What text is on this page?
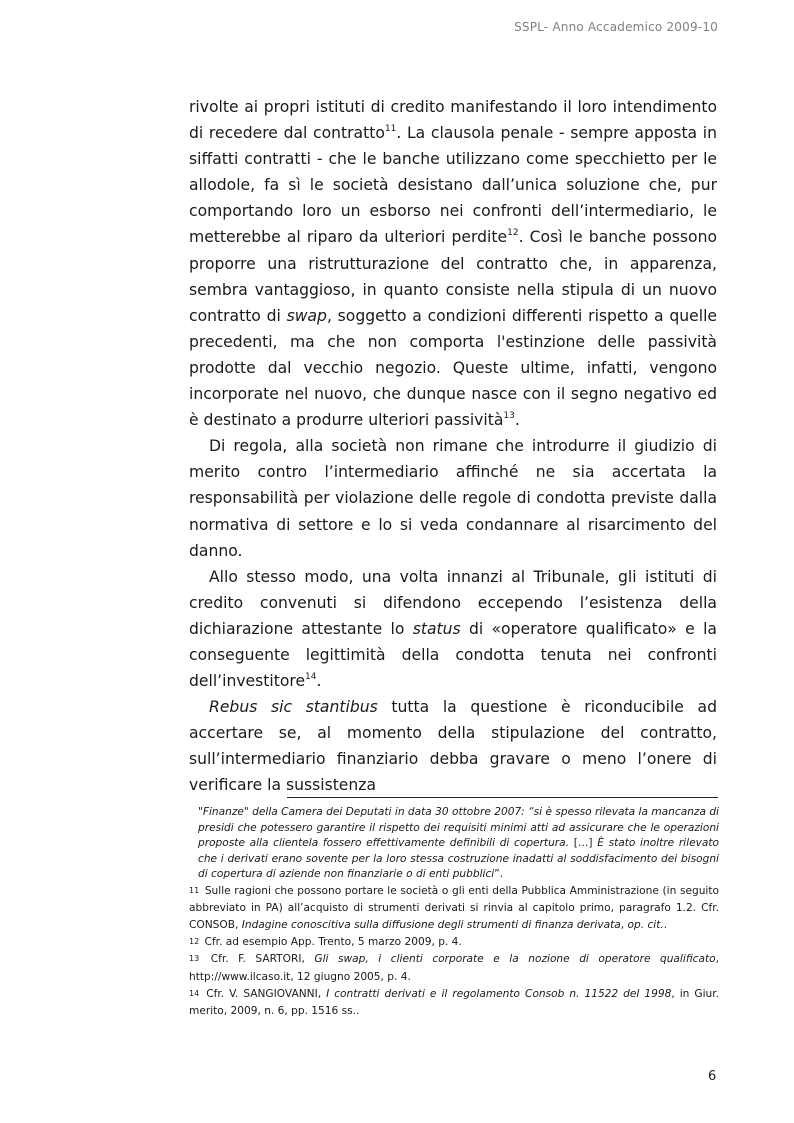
SSPL- Anno Accademico 2009-10

rivolte ai propri istituti di credito manifestando il loro intendimento di recedere dal contratto$^{11}$. La clausola penale - sempre apposta in siffatti contratti - che le banche utilizzano come specchietto per le allodole, fa sì le società desistano dall’unica soluzione che, pur comportando loro un esborso nei confronti dell’intermediario, le metterebbe al riparo da ulteriori perdite$^{12}$. Così le banche possono proporre una ristrutturazione del contratto che, in apparenza, sembra vantaggioso, in quanto consiste nella stipula di un nuovo contratto di swap, soggetto a condizioni differenti rispetto a quelle precedenti, ma che non comporta l'estinzione delle passività prodotte dal vecchio negozio. Queste ultime, infatti, vengono incorporate nel nuovo, che dunque nasce con il segno negativo ed è destinato a produrre ulteriori passività$^{13}$.

Di regola, alla società non rimane che introdurre il giudizio di merito contro l’intermediario affinché ne sia accertata la responsabilità per violazione delle regole di condotta previste dalla normativa di settore e lo si veda condannare al risarcimento del danno.

Allo stesso modo, una volta innanzi al Tribunale, gli istituti di credito convenuti si difendono eccependo l’esistenza della dichiarazione attestante lo status di «operatore qualificato» e la conseguente legittimità della condotta tenuta nei confronti dell’investitore$^{14}$.

Rebus sic stantibus tutta la questione è riconducibile ad accertare se, al momento della stipulazione del contratto, sull’intermediario finanziario debba gravare o meno l’onere di verificare la sussistenza

"Finanze" della Camera dei Deputati in data 30 ottobre 2007: “si è spesso rilevata la mancanza di presidi che potessero garantire il rispetto dei requisiti minimi atti ad assicurare che le operazioni proposte alla clientela fossero effettivamente definibili di copertura. […] È stato inoltre rilevato che i derivati erano sovente per la loro stessa costruzione inadatti al soddisfacimento dei bisogni di copertura di aziende non finanziarie o di enti pubblici”.

$^{11}$ Sulle ragioni che possono portare le società o gli enti della Pubblica Amministrazione (in seguito abbreviato in PA) all’acquisto di strumenti derivati si rinvia al capitolo primo, paragrafo 1.2. Cfr. CONSOB, Indagine conoscitiva sulla diffusione degli strumenti di finanza derivata, op. cit..

$^{12}$ Cfr. ad esempio App. Trento, 5 marzo 2009, p. 4.

$^{13}$ Cfr. F. SARTORI, Gli swap, i clienti corporate e la nozione di operatore qualificato, http://www.ilcaso.it, 12 giugno 2005, p. 4.

$^{14}$ Cfr. V. SANGIOVANNI, I contratti derivati e il regolamento Consob n. 11522 del 1998, in Giur. merito, 2009, n. 6, pp. 1516 ss..

6
